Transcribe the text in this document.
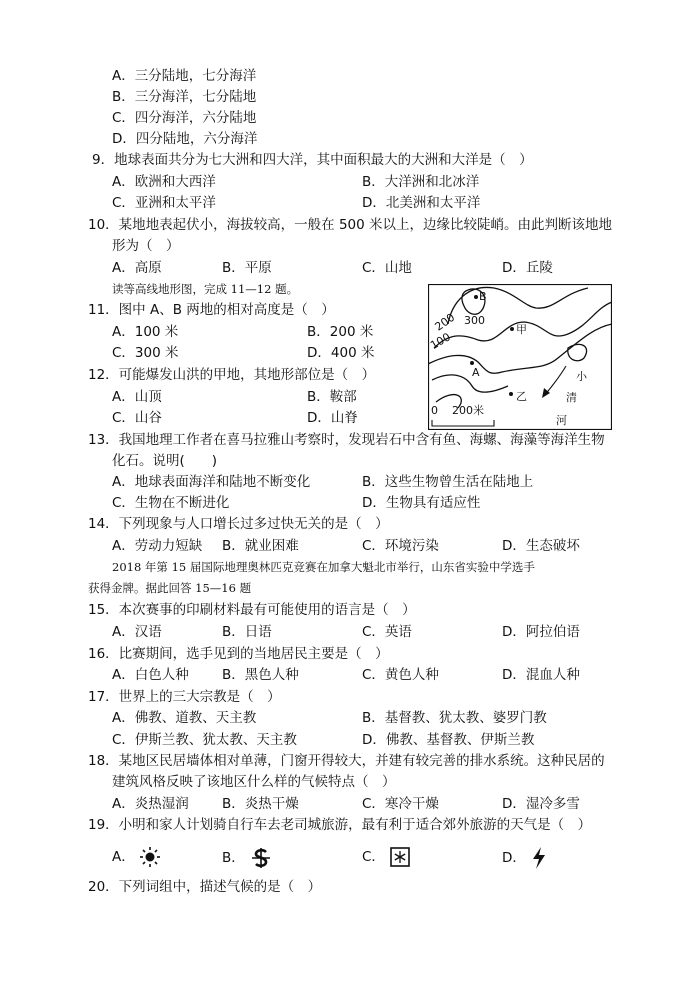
A．三分陆地，七分海洋
B．三分海洋，七分陆地
C．四分海洋，六分陆地
D．四分陆地，六分海洋
9．地球表面共分为七大洲和四大洋，其中面积最大的大洲和大洋是（　）
A．欧洲和大西洋	B．大洋洲和北冰洋
C．亚洲和太平洋	D．北美洲和太平洋
10．某地地表起伏小，海拔较高，一般在 500 米以上，边缘比较陡峭。由此判断该地地
形为（　）
A．高原	B．平原	C．山地	D．丘陵
读等高线地形图，完成 11—12 题。
11．图中 A、B 两地的相对高度是（　）
A．100 米	B．200 米
C．300 米	D．400 米
12．可能爆发山洪的甲地，其地形部位是（　）
A．山顶	B．鞍部
C．山谷	D．山脊
B
300
200
100
甲
A
乙
小
清
河
0 200米
13．我国地理工作者在喜马拉雅山考察时，发现岩石中含有鱼、海螺、海藻等海洋生物
化石。说明(　　)
A．地球表面海洋和陆地不断变化	B．这些生物曾生活在陆地上
C．生物在不断进化	D．生物具有适应性
14．下列现象与人口增长过多过快无关的是（　）
A．劳动力短缺 B．就业困难	C．环境污染	D．生态破坏
2018 年第 15 届国际地理奥林匹克竞赛在加拿大魁北市举行，山东省实验中学选手
获得金牌。据此回答 15—16 题
15．本次赛事的印刷材料最有可能使用的语言是（　）
A．汉语	B．日语	C．英语	D．阿拉伯语
16．比赛期间，选手见到的当地居民主要是（　）
A．白色人种 B．黑色人种	C．黄色人种	D．混血人种
17．世界上的三大宗教是（　）
A．佛教、道教、天主教	B．基督教、犹太教、婆罗门教
C．伊斯兰教、犹太教、天主教	D．佛教、基督教、伊斯兰教
18．某地区民居墙体相对单薄，门窗开得较大，并建有较完善的排水系统。这种民居的
建筑风格反映了该地区什么样的气候特点（　）
A．炎热湿润 B．炎热干燥	C．寒冷干燥	D．湿冷多雪
19．小明和家人计划骑自行车去老司城旅游，最有利于适合郊外旅游的天气是（　）
A．	B．	C．	D．
20．下列词组中，描述气候的是（　）
